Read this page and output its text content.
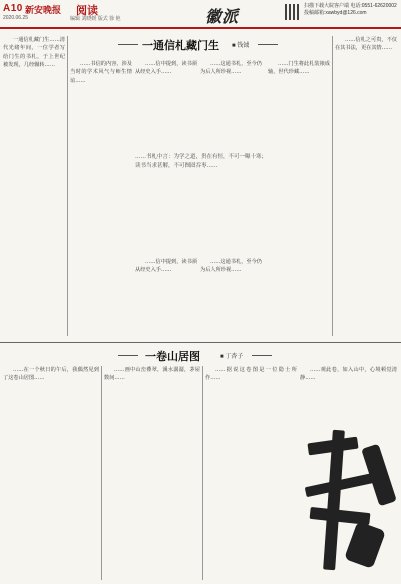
A10 新安晚报 阅读
2020.06.25	编辑 刘晓媛 版式 徐 艳	徽派
扫描下载大皖客户端 电话:0551-62620002 投稿邮箱:xawbyd@126.com
一通信札藏门生 ■ 钱钺

一通信札藏门生……清代光绪年间，一位学者写给门生的书札，于上世纪被发现，几经辗转……	……书信的内容，涉及当时的学术风气与师生情谊……

……信中提到，读书须从经史入手……

……这通书札，至今仍为后人所珍视……

……门生将此札装裱成轴，世代珍藏……

……信札之可贵，不仅在其书法，更在其情……

……书札中言：为学之道，贵在有恒，不可一曝十寒；读书当求甚解，不可囫囵吞枣……

……信中提到，读书须从经史入手……

……这通书札，至今仍为后人所珍视……

一卷山居图	■ 丁杏子

……在一个秋日的午后，我偶然见到了这卷山居图……

……画中山峦叠翠，溪水潺潺，茅屋数间……

……据说这卷图是一位隐士所作……

……观此卷，如入山中，心境顿觉清静……
